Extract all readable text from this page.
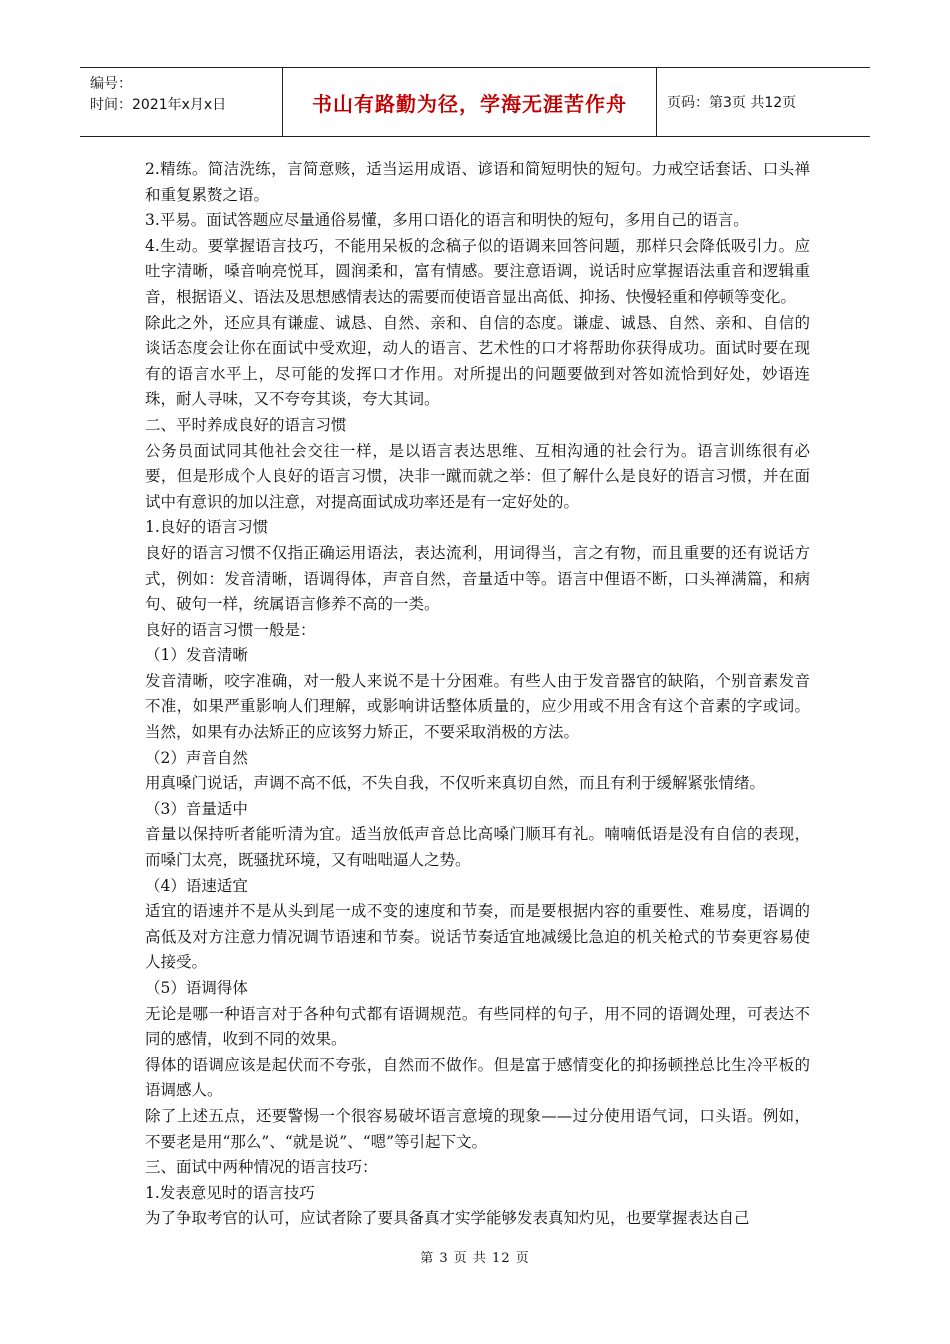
编号：
时间：2021年x月x日	书山有路勤为径，学海无涯苦作舟	页码：第3页 共12页

2.精练。简洁洗练，言简意赅，适当运用成语、谚语和简短明快的短句。力戒空话套话、口头禅和重复累赘之语。

3.平易。面试答题应尽量通俗易懂，多用口语化的语言和明快的短句，多用自己的语言。

4.生动。要掌握语言技巧，不能用呆板的念稿子似的语调来回答问题，那样只会降低吸引力。应吐字清晰，嗓音响亮悦耳，圆润柔和，富有情感。要注意语调，说话时应掌握语法重音和逻辑重音，根据语义、语法及思想感情表达的需要而使语音显出高低、抑扬、快慢轻重和停顿等变化。

除此之外，还应具有谦虚、诚恳、自然、亲和、自信的态度。谦虚、诚恳、自然、亲和、自信的谈话态度会让你在面试中受欢迎，动人的语言、艺术性的口才将帮助你获得成功。面试时要在现有的语言水平上，尽可能的发挥口才作用。对所提出的问题要做到对答如流恰到好处，妙语连珠，耐人寻味，又不夸夸其谈，夸大其词。

二、平时养成良好的语言习惯

公务员面试同其他社会交往一样，是以语言表达思维、互相沟通的社会行为。语言训练很有必要，但是形成个人良好的语言习惯，决非一蹴而就之举：但了解什么是良好的语言习惯，并在面试中有意识的加以注意，对提高面试成功率还是有一定好处的。

1.良好的语言习惯

良好的语言习惯不仅指正确运用语法，表达流利，用词得当，言之有物，而且重要的还有说话方式，例如：发音清晰，语调得体，声音自然，音量适中等。语言中俚语不断，口头禅满篇，和病句、破句一样，统属语言修养不高的一类。

良好的语言习惯一般是：

（1）发音清晰

发音清晰，咬字准确，对一般人来说不是十分困难。有些人由于发音器官的缺陷，个别音素发音不准，如果严重影响人们理解，或影响讲话整体质量的，应少用或不用含有这个音素的字或词。当然，如果有办法矫正的应该努力矫正，不要采取消极的方法。

（2）声音自然

用真嗓门说话，声调不高不低，不失自我，不仅听来真切自然，而且有利于缓解紧张情绪。

（3）音量适中

音量以保持听者能听清为宜。适当放低声音总比高嗓门顺耳有礼。喃喃低语是没有自信的表现，而嗓门太亮，既骚扰环境，又有咄咄逼人之势。

（4）语速适宜

适宜的语速并不是从头到尾一成不变的速度和节奏，而是要根据内容的重要性、难易度，语调的高低及对方注意力情况调节语速和节奏。说话节奏适宜地减缓比急迫的机关枪式的节奏更容易使人接受。

（5）语调得体

无论是哪一种语言对于各种句式都有语调规范。有些同样的句子，用不同的语调处理，可表达不同的感情，收到不同的效果。

得体的语调应该是起伏而不夸张，自然而不做作。但是富于感情变化的抑扬顿挫总比生冷平板的语调感人。

除了上述五点，还要警惕一个很容易破坏语言意境的现象——过分使用语气词，口头语。例如，不要老是用“那么”、“就是说”、“嗯”等引起下文。

三、面试中两种情况的语言技巧：

1.发表意见时的语言技巧

为了争取考官的认可，应试者除了要具备真才实学能够发表真知灼见，也要掌握表达自己

第 3 页 共 12 页
